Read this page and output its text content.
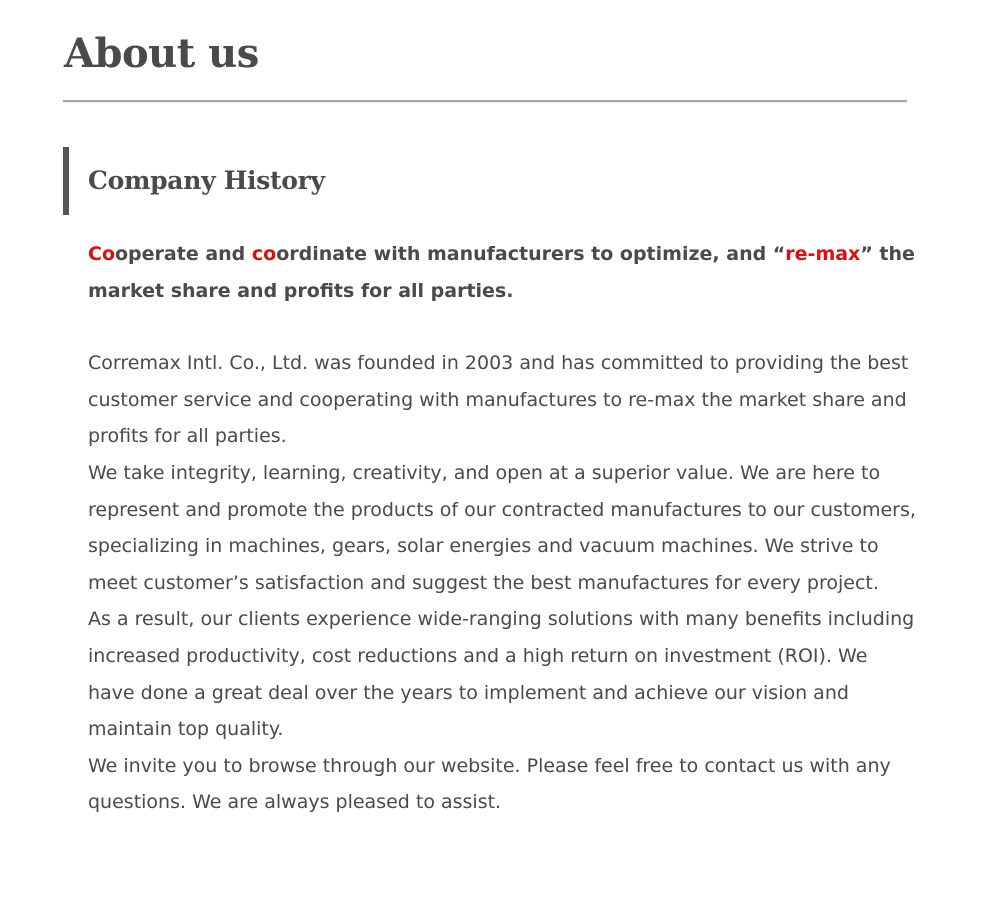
About us
Company History

Cooperate and coordinate with manufacturers to optimize, and “re-max” the market share and profits for all parties.

Corremax Intl. Co., Ltd. was founded in 2003 and has committed to providing the best customer service and cooperating with manufactures to re-max the market share and profits for all parties.

We take integrity, learning, creativity, and open at a superior value. We are here to represent and promote the products of our contracted manufactures to our customers, specializing in machines, gears, solar energies and vacuum machines. We strive to meet customer’s satisfaction and suggest the best manufactures for every project.

As a result, our clients experience wide-ranging solutions with many benefits including increased productivity, cost reductions and a high return on investment (ROI). We have done a great deal over the years to implement and achieve our vision and maintain top quality.

We invite you to browse through our website. Please feel free to contact us with any questions. We are always pleased to assist.
